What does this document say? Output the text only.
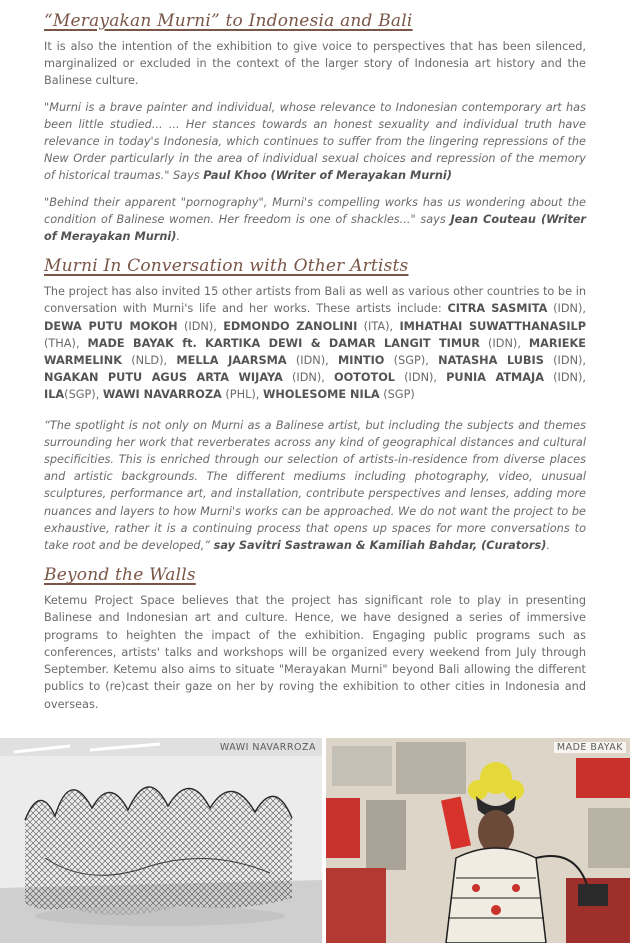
“Merayakan Murni” to Indonesia and Bali

It is also the intention of the exhibition to give voice to perspectives that has been silenced, marginalized or excluded in the context of the larger story of Indonesia art history and the Balinese culture.

"Murni is a brave painter and individual, whose relevance to Indonesian contemporary art has been little studied... ... Her stances towards an honest sexuality and individual truth have relevance in today's Indonesia, which continues to suffer from the lingering repressions of the New Order particularly in the area of individual sexual choices and repression of the memory of historical traumas." Says Paul Khoo (Writer of Merayakan Murni)

"Behind their apparent "pornography", Murni's compelling works has us wondering about the condition of Balinese women. Her freedom is one of shackles..." says Jean Couteau (Writer of Merayakan Murni).

Murni In Conversation with Other Artists

The project has also invited 15 other artists from Bali as well as various other countries to be in conversation with Murni's life and her works. These artists include: CITRA SASMITA (IDN), DEWA PUTU MOKOH (IDN), EDMONDO ZANOLINI (ITA), IMHATHAI SUWATTHANASILP (THA), MADE BAYAK ft. KARTIKA DEWI & DAMAR LANGIT TIMUR (IDN), MARIEKE WARMELINK (NLD), MELLA JAARSMA (IDN), MINTIO (SGP), NATASHA LUBIS (IDN), NGAKAN PUTU AGUS ARTA WIJAYA (IDN), OOTOTOL (IDN), PUNIA ATMAJA (IDN), ILA(SGP), WAWI NAVARROZA (PHL), WHOLESOME NILA (SGP)

“The spotlight is not only on Murni as a Balinese artist, but including the subjects and themes surrounding her work that reverberates across any kind of geographical distances and cultural specificities. This is enriched through our selection of artists-in-residence from diverse places and artistic backgrounds. The different mediums including photography, video, unusual sculptures, performance art, and installation, contribute perspectives and lenses, adding more nuances and layers to how Murni's works can be approached. We do not want the project to be exhaustive, rather it is a continuing process that opens up spaces for more conversations to take root and be developed,” say Savitri Sastrawan & Kamiliah Bahdar, (Curators).

Beyond the Walls

Ketemu Project Space believes that the project has significant role to play in presenting Balinese and Indonesian art and culture. Hence, we have designed a series of immersive programs to heighten the impact of the exhibition. Engaging public programs such as conferences, artists' talks and workshops will be organized every weekend from July through September. Ketemu also aims to situate "Merayakan Murni" beyond Bali allowing the different publics to (re)cast their gaze on her by roving the exhibition to other cities in Indonesia and overseas.

WAWI NAVARROZA	MADE BAYAK
